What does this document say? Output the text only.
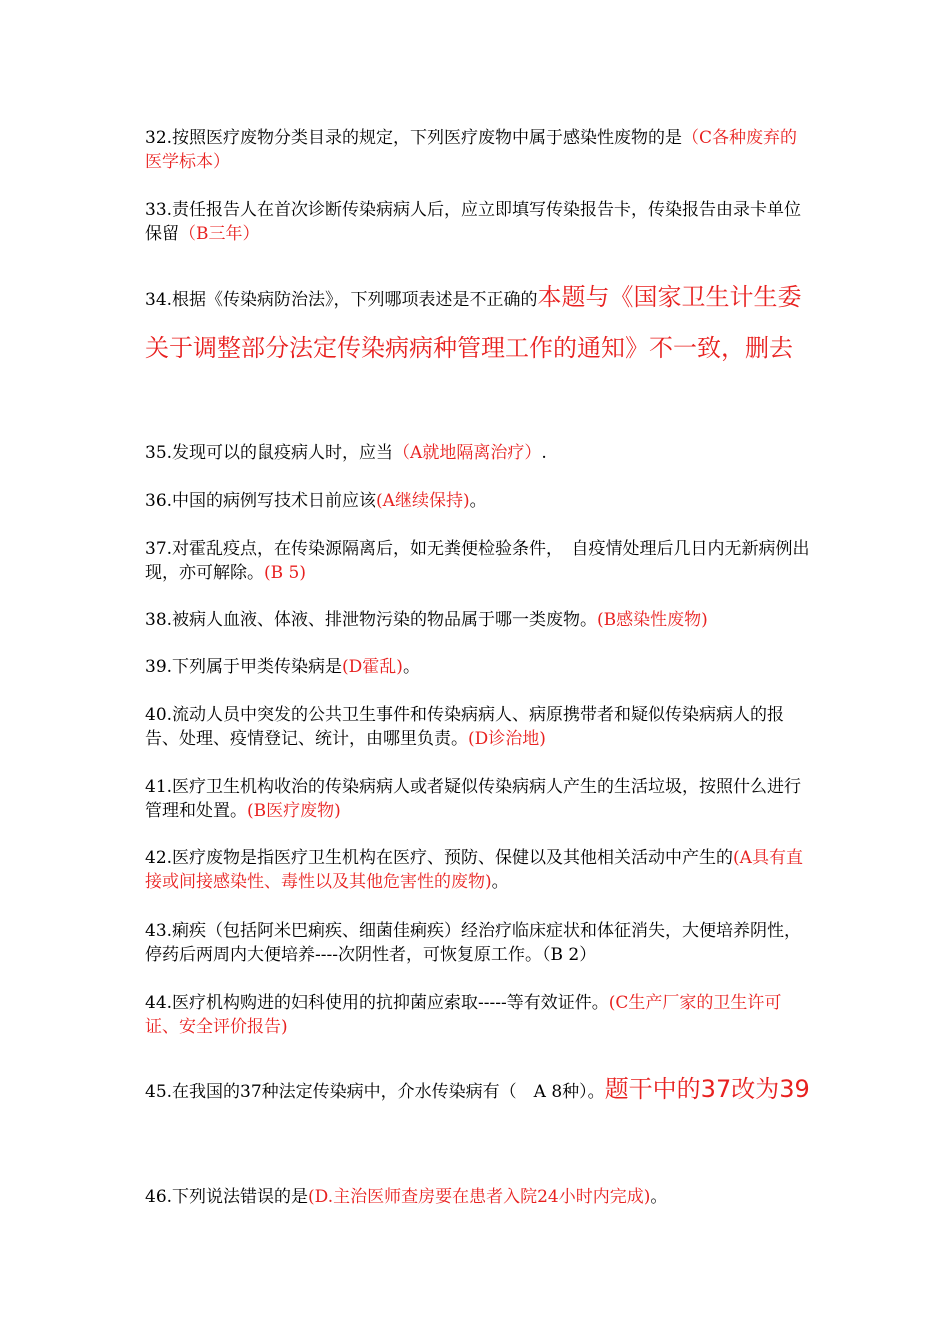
32.按照医疗废物分类目录的规定，下列医疗废物中属于感染性废物的是（C各种废弃的医学标本）

33.责任报告人在首次诊断传染病病人后，应立即填写传染报告卡，传染报告由录卡单位保留（B三年）

34.根据《传染病防治法》，下列哪项表述是不正确的本题与《国家卫生计生委关于调整部分法定传染病病种管理工作的通知》不一致，删去

35.发现可以的鼠疫病人时，应当（A就地隔离治疗）.

36.中国的病例写技术日前应该(A继续保持)。

37.对霍乱疫点，在传染源隔离后，如无粪便检验条件，　自疫情处理后几日内无新病例出现，亦可解除。(B 5)

38.被病人血液、体液、排泄物污染的物品属于哪一类废物。(B感染性废物)

39.下列属于甲类传染病是(D霍乱)。

40.流动人员中突发的公共卫生事件和传染病病人、病原携带者和疑似传染病病人的报告、处理、疫情登记、统计，由哪里负责。(D诊治地)

41.医疗卫生机构收治的传染病病人或者疑似传染病病人产生的生活垃圾，按照什么进行管理和处置。(B医疗废物)

42.医疗废物是指医疗卫生机构在医疗、预防、保健以及其他相关活动中产生的(A具有直接或间接感染性、毒性以及其他危害性的废物)。

43.痢疾（包括阿米巴痢疾、细菌佳痢疾）经治疗临床症状和体征消失，大便培养阴性，停药后两周内大便培养----次阴性者，可恢复原工作。（B 2）

44.医疗机构购进的妇科使用的抗抑菌应索取-----等有效证件。(C生产厂家的卫生许可证、安全评价报告)

45.在我国的37种法定传染病中，介水传染病有（　A 8种）。题干中的37改为39

46.下列说法错误的是(D.主治医师查房要在患者入院24小时内完成)。
